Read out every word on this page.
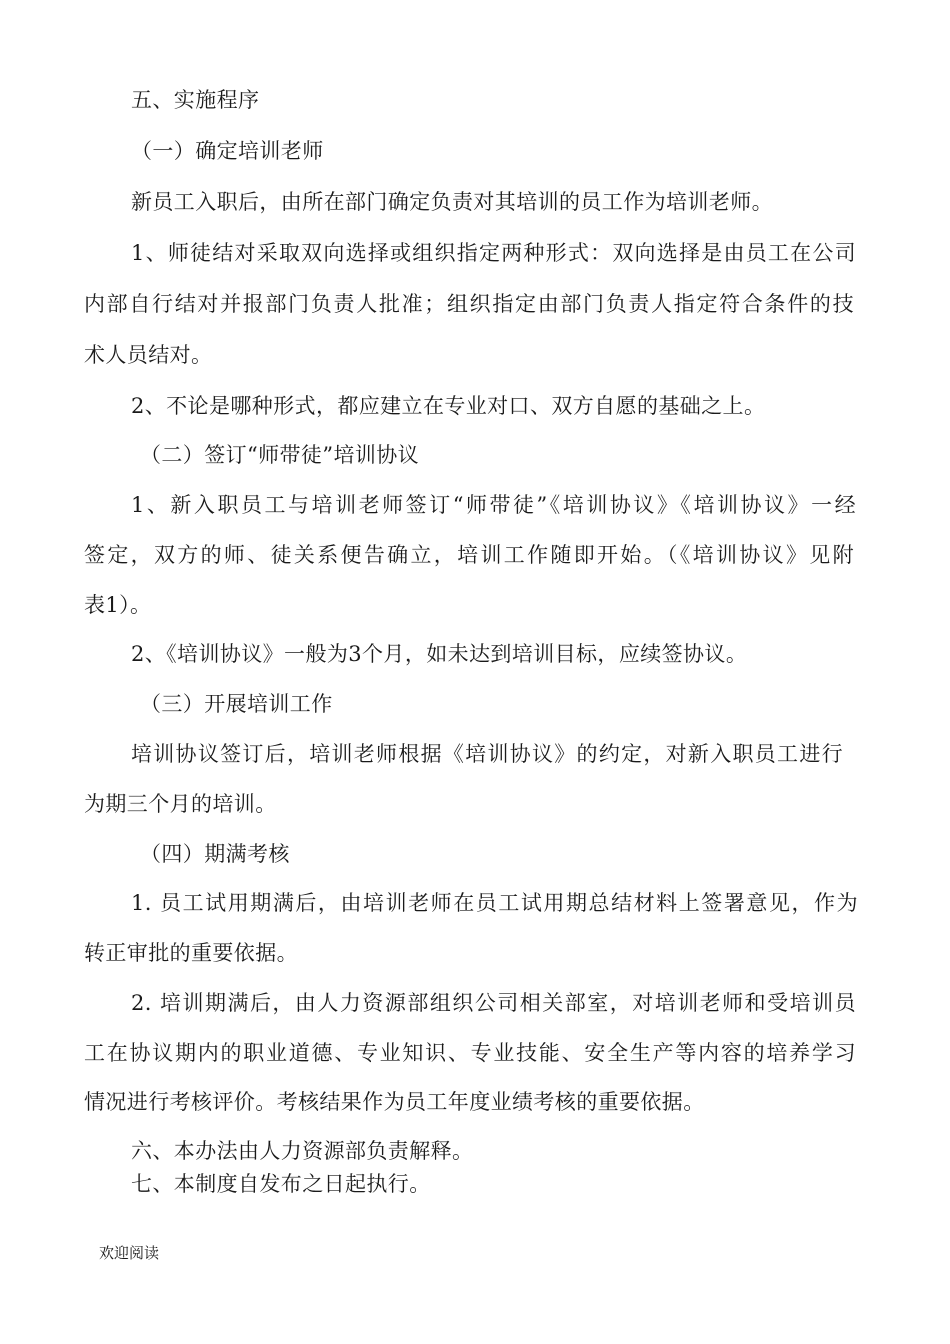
五、实施程序
（一）确定培训老师
新员工入职后，由所在部门确定负责对其培训的员工作为培训老师。
1、师徒结对采取双向选择或组织指定两种形式：双向选择是由员工在公司
内部自行结对并报部门负责人批准；组织指定由部门负责人指定符合条件的技
术人员结对。
2、不论是哪种形式，都应建立在专业对口、双方自愿的基础之上。
（二）签订“师带徒”培训协议
1、新入职员工与培训老师签订“师带徒”《培训协议》《培训协议》一经
签定，双方的师、徒关系便告确立，培训工作随即开始。（《培训协议》见附
表1）。
2、《培训协议》一般为3个月，如未达到培训目标，应续签协议。
（三）开展培训工作
培训协议签订后，培训老师根据《培训协议》的约定，对新入职员工进行
为期三个月的培训。
（四）期满考核
1. 员工试用期满后，由培训老师在员工试用期总结材料上签署意见，作为
转正审批的重要依据。
2. 培训期满后，由人力资源部组织公司相关部室，对培训老师和受培训员
工在协议期内的职业道德、专业知识、专业技能、安全生产等内容的培养学习
情况进行考核评价。考核结果作为员工年度业绩考核的重要依据。
六、本办法由人力资源部负责解释。
七、本制度自发布之日起执行。
欢迎阅读
